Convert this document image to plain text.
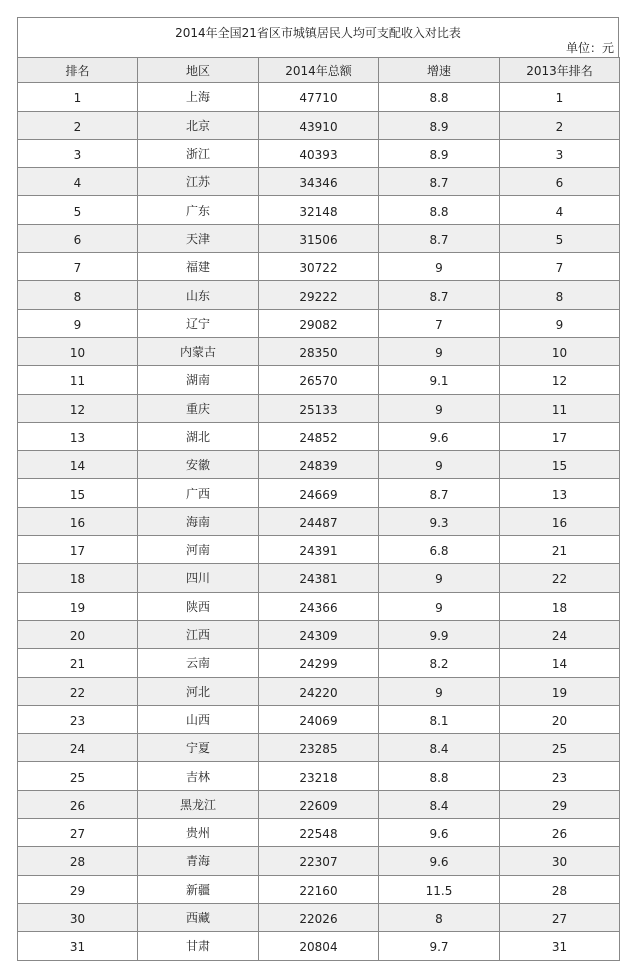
2014年全国21省区市城镇居民人均可支配收入对比表
单位：元
排名	地区	2014年总额	增速	2013年排名
1	上海	47710	8.8	1
2	北京	43910	8.9	2
3	浙江	40393	8.9	3
4	江苏	34346	8.7	6
5	广东	32148	8.8	4
6	天津	31506	8.7	5
7	福建	30722	9	7
8	山东	29222	8.7	8
9	辽宁	29082	7	9
10	内蒙古	28350	9	10
11	湖南	26570	9.1	12
12	重庆	25133	9	11
13	湖北	24852	9.6	17
14	安徽	24839	9	15
15	广西	24669	8.7	13
16	海南	24487	9.3	16
17	河南	24391	6.8	21
18	四川	24381	9	22
19	陕西	24366	9	18
20	江西	24309	9.9	24
21	云南	24299	8.2	14
22	河北	24220	9	19
23	山西	24069	8.1	20
24	宁夏	23285	8.4	25
25	吉林	23218	8.8	23
26	黑龙江	22609	8.4	29
27	贵州	22548	9.6	26
28	青海	22307	9.6	30
29	新疆	22160	11.5	28
30	西藏	22026	8	27
31	甘肃	20804	9.7	31
